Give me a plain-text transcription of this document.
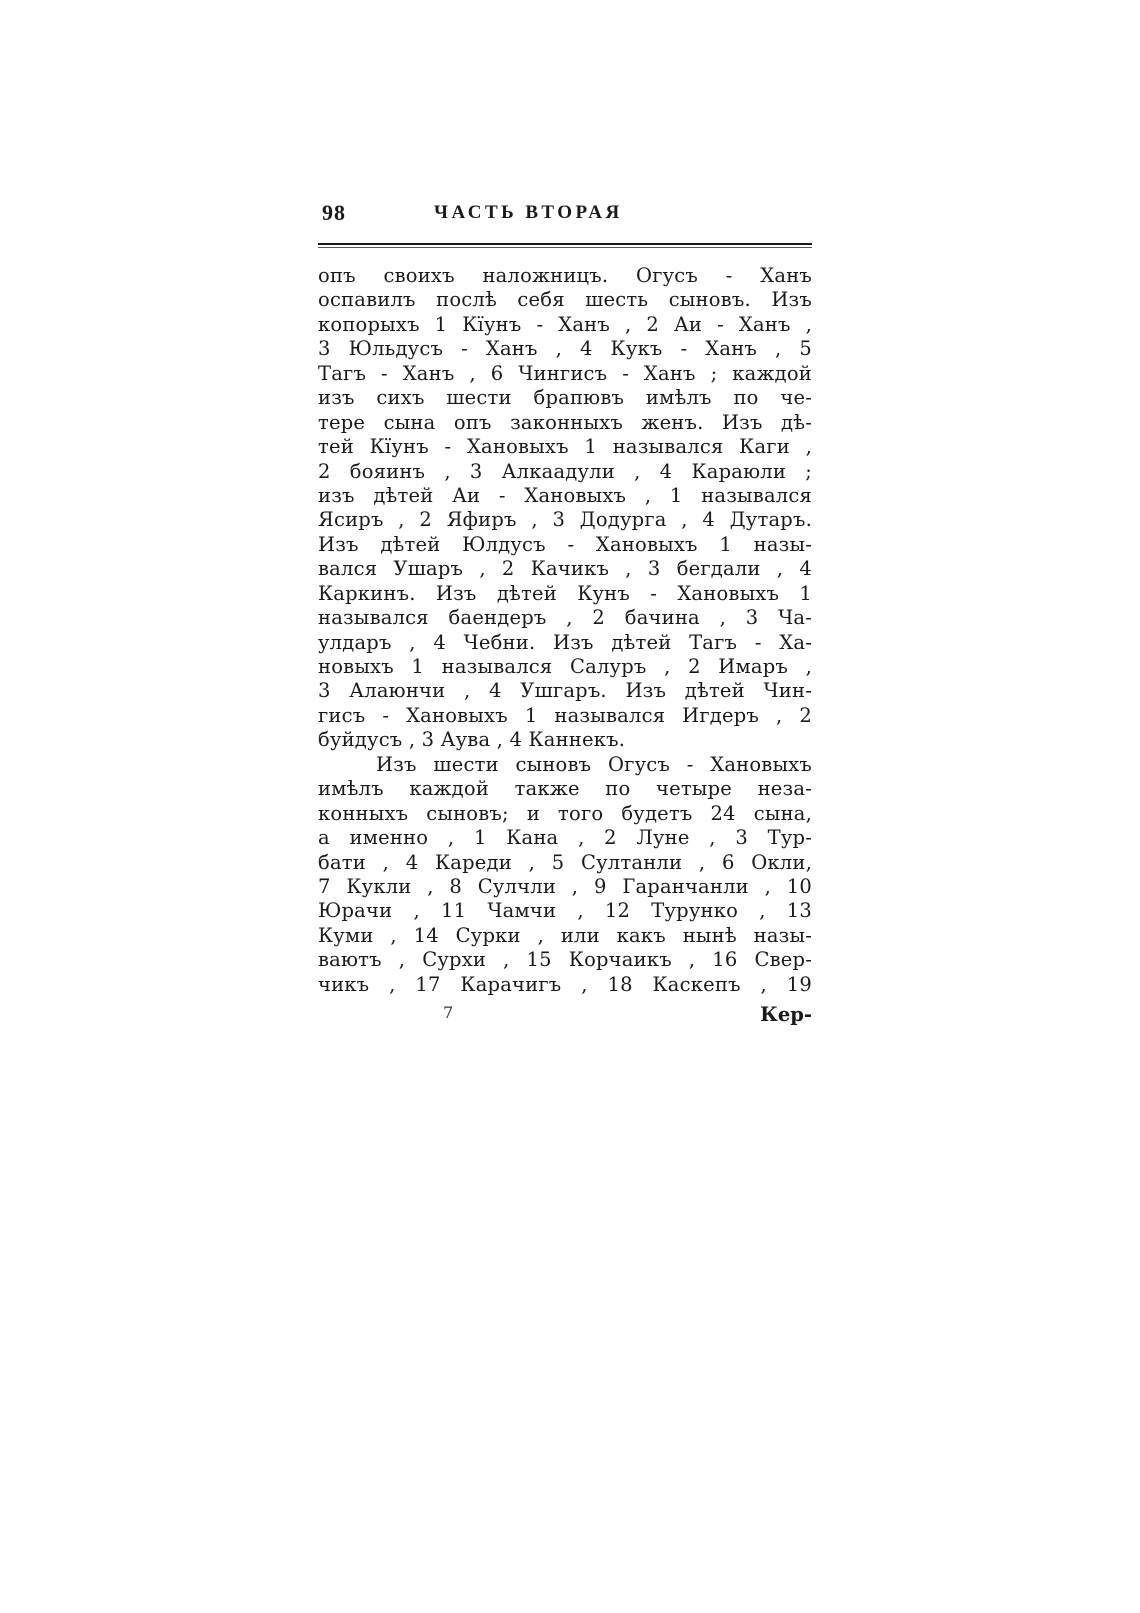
98	ЧАСТЬ ВТОРАЯ
опъ своихъ наложницъ. Огусъ - Ханъ
оспавилъ послѣ себя шесть сыновъ. Изъ
копорыхъ 1 Кїунъ - Ханъ , 2 Аи - Ханъ ,
3 Юльдусъ - Ханъ , 4 Кукъ - Ханъ , 5
Тагъ - Ханъ , 6 Чингисъ - Ханъ ; каждой
изъ сихъ шести брапювъ имѣлъ по че-
тере сына опъ законныхъ женъ. Изъ дѣ-
тей Кїунъ - Хановыхъ 1 назывался Каги ,
2 бояинъ , 3 Алкаадули , 4 Караюли ;
изъ дѣтей Аи - Хановыхъ , 1 назывался
Ясиръ , 2 Яфиръ , 3 Додурга , 4 Дутаръ.
Изъ дѣтей Юлдусъ - Хановыхъ 1 назы-
вался Ушаръ , 2 Качикъ , 3 бегдали , 4
Каркинъ. Изъ дѣтей Кунъ - Хановыхъ 1
назывался баендеръ , 2 бачина , 3 Ча-
улдаръ , 4 Чебни. Изъ дѣтей Тагъ - Ха-
новыхъ 1 назывался Салуръ , 2 Имаръ ,
3 Алаюнчи , 4 Ушгаръ. Изъ дѣтей Чин-
гисъ - Хановыхъ 1 назывался Игдеръ , 2
буйдусъ , 3 Аува , 4 Каннекъ.
Изъ шести сыновъ Огусъ - Хановыхъ
имѣлъ каждой также по четыре неза-
конныхъ сыновъ; и того будетъ 24 сына,
а именно , 1 Кана , 2 Луне , 3 Тур-
бати , 4 Кареди , 5 Султанли , 6 Окли,
7 Кукли , 8 Сулчли , 9 Гаранчанли , 10
Юрачи , 11 Чамчи , 12 Турунко , 13
Куми , 14 Сурки , или какъ нынѣ назы-
ваютъ , Сурхи , 15 Корчаикъ , 16 Свер-
чикъ , 17 Карачигъ , 18 Каскепъ , 19
7	Кер-
